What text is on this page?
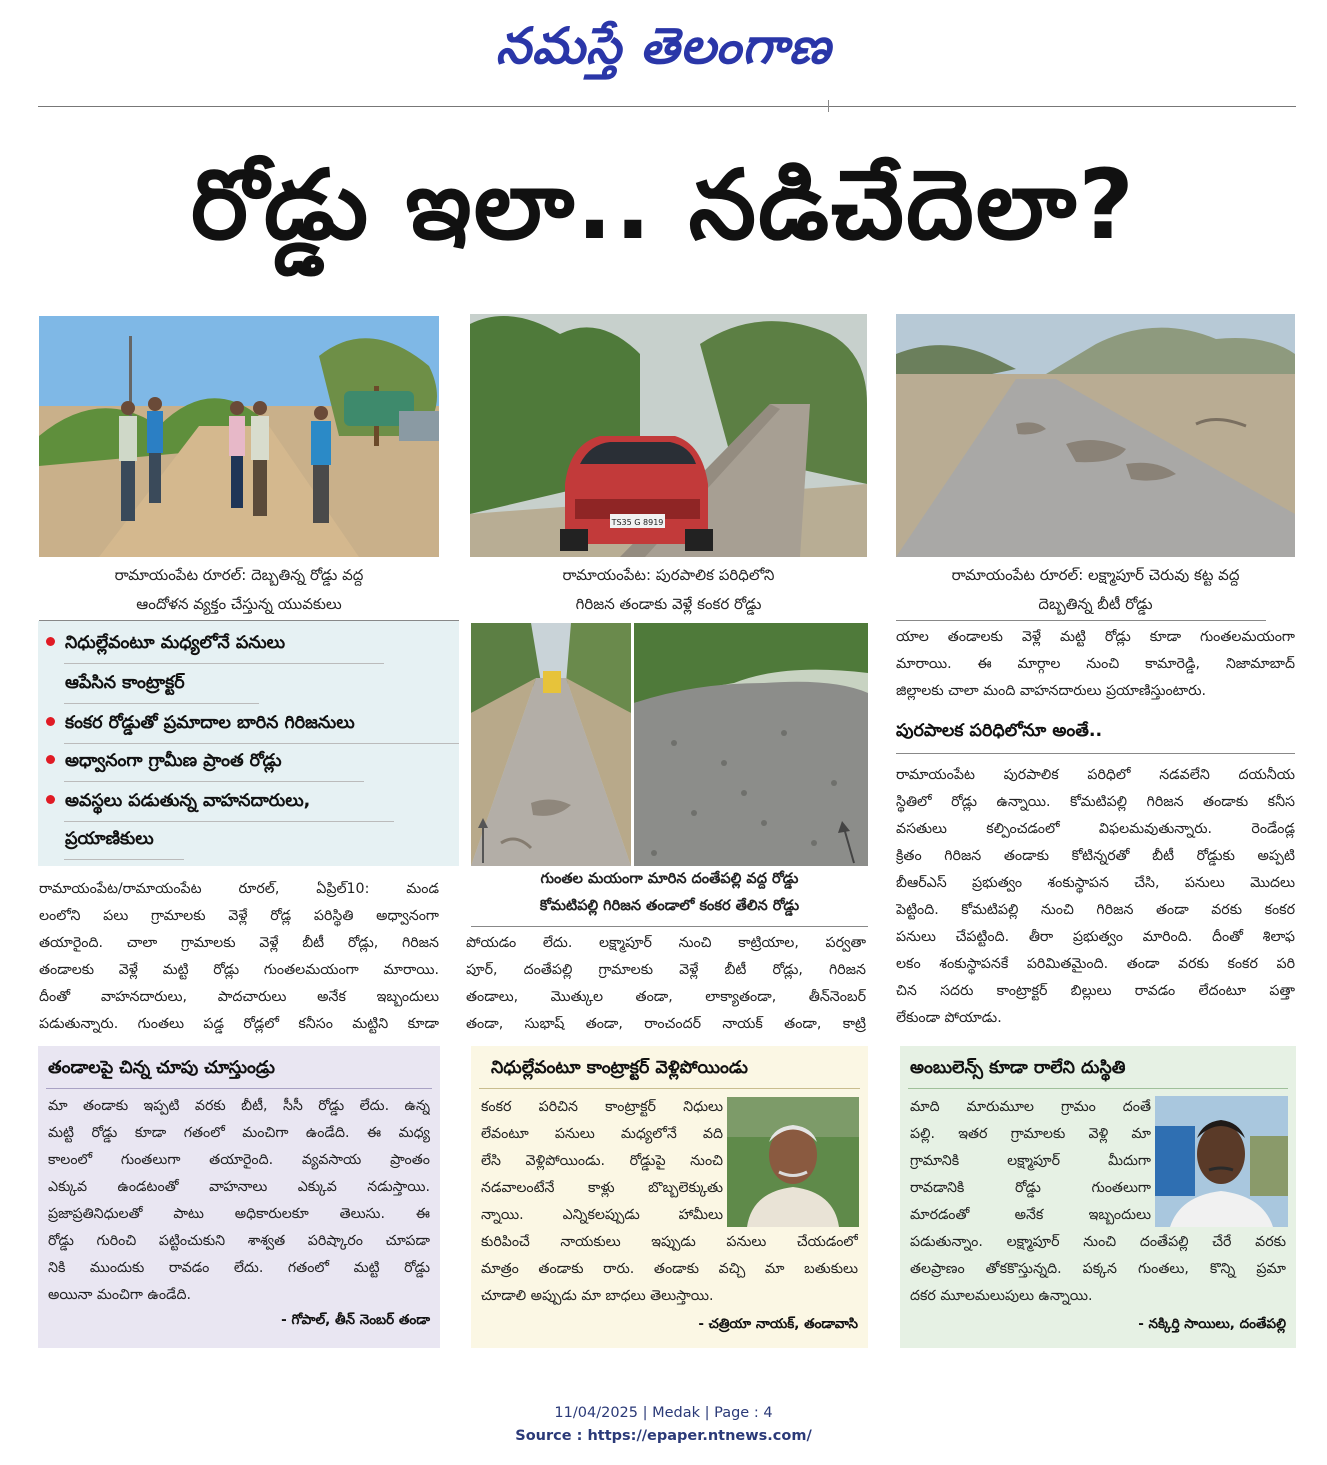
నమస్తే తెలంగాణ
రోడ్డు ఇలా.. నడిచేదెలా?
TS35 G 8919
రామాయంపేట రూరల్: దెబ్బతిన్న రోడ్డు వద్ద
ఆందోళన వ్యక్తం చేస్తున్న యువకులు
రామాయంపేట: పురపాలిక పరిధిలోని
గిరిజన తండాకు వెళ్లే కంకర రోడ్డు
రామాయంపేట రూరల్: లక్ష్మాపూర్ చెరువు కట్ట వద్ద
దెబ్బతిన్న బీటీ రోడ్డు
నిధుల్లేవంటూ మధ్యలోనే పనులు
ఆపేసిన కాంట్రాక్టర్
కంకర రోడ్డుతో ప్రమాదాల బారిన గిరిజనులు
అధ్వానంగా గ్రామీణ ప్రాంత రోడ్లు
అవస్థలు పడుతున్న వాహనదారులు,
ప్రయాణికులు
గుంతల మయంగా మారిన దంతేపల్లి వద్ద రోడ్డు
కోమటిపల్లి గిరిజన తండాలో కంకర తేలిన రోడ్డు

రామాయంపేట/రామాయంపేట రూరల్, ఏప్రిల్10: మండ

లంలోని పలు గ్రామాలకు వెళ్లే రోడ్ల పరిస్థితి అధ్వానంగా

తయారైంది. చాలా గ్రామాలకు వెళ్లే బీటీ రోడ్లు, గిరిజన

తండాలకు వెళ్లే మట్టి రోడ్లు గుంతలమయంగా మారాయి.

దీంతో వాహనదారులు, పాదచారులు అనేక ఇబ్బందులు

పడుతున్నారు. గుంతలు పడ్డ రోడ్లలో కనీసం మట్టిని కూడా

పోయడం లేదు. లక్ష్మాపూర్ నుంచి కాట్రియాల, పర్వతా

పూర్, దంతేపల్లి గ్రామాలకు వెళ్లే బీటీ రోడ్లు, గిరిజన

తండాలు, మొత్కుల తండా, లాక్యాతండా, తీన్‌నెంబర్

తండా, సుభాష్ తండా, రాంచందర్ నాయక్ తండా, కాట్రి

యాల తండాలకు వెళ్లే మట్టి రోడ్లు కూడా గుంతలమయంగా

మారాయి. ఈ మార్గాల నుంచి కామారెడ్డి, నిజామాబాద్

జిల్లాలకు చాలా మంది వాహనదారులు ప్రయాణిస్తుంటారు.

పురపాలక పరిధిలోనూ అంతే..

రామాయంపేట పురపాలిక పరిధిలో నడవలేని దయనీయ

స్థితిలో రోడ్లు ఉన్నాయి. కోమటిపల్లి గిరిజన తండాకు కనీస

వసతులు కల్పించడంలో విఫలమవుతున్నారు. రెండేండ్ల

క్రితం గిరిజన తండాకు కోటిన్నరతో బీటీ రోడ్డుకు అప్పటి

బీఆర్‌ఎస్ ప్రభుత్వం శంకుస్థాపన చేసి, పనులు మొదలు

పెట్టింది. కోమటిపల్లి నుంచి గిరిజన తండా వరకు కంకర

పనులు చేపట్టింది. తీరా ప్రభుత్వం మారింది. దీంతో శిలాఫ

లకం శంకుస్థాపనకే పరిమితమైంది. తండా వరకు కంకర పరి

చిన సదరు కాంట్రాక్టర్ బిల్లులు రావడం లేదంటూ పత్తా

లేకుండా పోయాడు.

తండాలపై చిన్న చూపు చూస్తుండ్రు

మా తండాకు ఇప్పటి వరకు బీటీ, సీసీ రోడ్డు లేదు. ఉన్న

మట్టి రోడ్డు కూడా గతంలో మంచిగా ఉండేది. ఈ మధ్య

కాలంలో గుంతలుగా తయారైంది. వ్యవసాయ ప్రాంతం

ఎక్కువ ఉండటంతో వాహనాలు ఎక్కువ నడుస్తాయి.

ప్రజాప్రతినిధులతో పాటు అధికారులకూ తెలుసు. ఈ

రోడ్డు గురించి పట్టించుకుని శాశ్వత పరిష్కారం చూపడా

నికి ముందుకు రావడం లేదు. గతంలో మట్టి రోడ్డు

అయినా మంచిగా ఉండేది.

- గోపాల్, తీన్ నెంబర్ తండా
నిధుల్లేవంటూ కాంట్రాక్టర్ వెళ్లిపోయిండు

కంకర పరిచిన కాంట్రాక్టర్ నిధులు

లేవంటూ పనులు మధ్యలోనే వది

లేసి వెళ్లిపోయిండు. రోడ్డుపై నుంచి

నడవాలంటేనే కాళ్లు బొబ్బలెక్కుతు

న్నాయి. ఎన్నికలప్పుడు హామీలు

కురిపించే నాయకులు ఇప్పుడు పనులు చేయడంలో

మాత్రం తండాకు రారు. తండాకు వచ్చి మా బతుకులు

చూడాలి అప్పుడు మా బాధలు తెలుస్తాయి.

- చత్రియా నాయక్, తండావాసి
అంబులెన్స్ కూడా రాలేని దుస్థితి

మాది మారుమూల గ్రామం దంతే

పల్లి. ఇతర గ్రామాలకు వెళ్లి మా

గ్రామానికి లక్ష్మాపూర్ మీదుగా

రావడానికి రోడ్డు గుంతలుగా

మారడంతో అనేక ఇబ్బందులు

పడుతున్నాం. లక్ష్మాపూర్ నుంచి దంతేపల్లి చేరే వరకు

తలప్రాణం తోకకొస్తున్నది. పక్కన గుంతలు, కొన్ని ప్రమా

దకర మూలమలుపులు ఉన్నాయి.

- నక్కిర్తి సాయిలు, దంతేపల్లి
11/04/2025 | Medak | Page : 4
Source : https://epaper.ntnews.com/
